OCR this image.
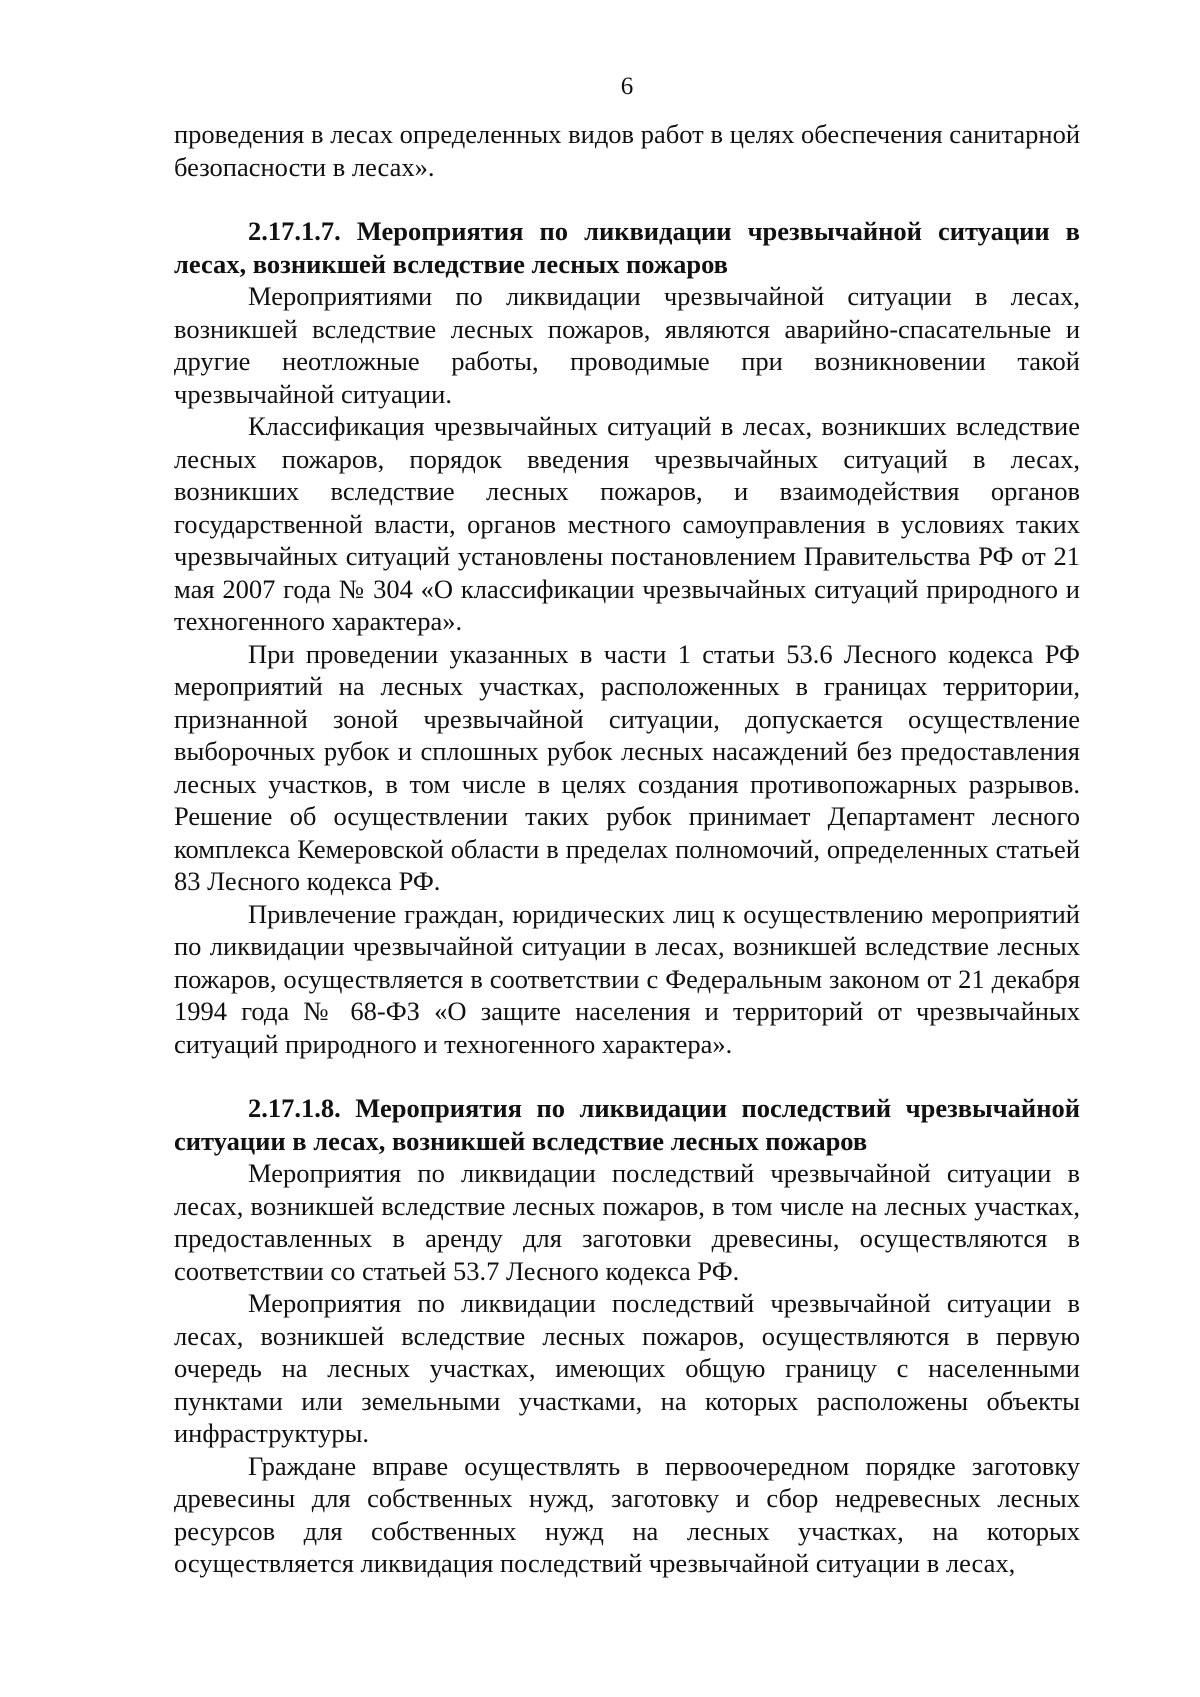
6

проведения в лесах определенных видов работ в целях обеспечения санитарной безопасности в лесах».

2.17.1.7. Мероприятия по ликвидации чрезвычайной ситуации в лесах, возникшей вследствие лесных пожаров

Мероприятиями по ликвидации чрезвычайной ситуации в лесах, возникшей вследствие лесных пожаров, являются аварийно-спасательные и другие неотложные работы, проводимые при возникновении такой чрезвычайной ситуации.

Классификация чрезвычайных ситуаций в лесах, возникших вследствие лесных пожаров, порядок введения чрезвычайных ситуаций в лесах, возникших вследствие лесных пожаров, и взаимодействия органов государственной власти, органов местного самоуправления в условиях таких чрезвычайных ситуаций установлены постановлением Правительства РФ от 21 мая 2007 года № 304 «О классификации чрезвычайных ситуаций природного и техногенного характера».

При проведении указанных в части 1 статьи 53.6 Лесного кодекса РФ мероприятий на лесных участках, расположенных в границах территории, признанной зоной чрезвычайной ситуации, допускается осуществление выборочных рубок и сплошных рубок лесных насаждений без предоставления лесных участков, в том числе в целях создания противопожарных разрывов. Решение об осуществлении таких рубок принимает Департамент лесного комплекса Кемеровской области в пределах полномочий, определенных статьей 83 Лесного кодекса РФ.

Привлечение граждан, юридических лиц к осуществлению мероприятий по ликвидации чрезвычайной ситуации в лесах, возникшей вследствие лесных пожаров, осуществляется в соответствии с Федеральным законом от 21 декабря 1994 года № 68-ФЗ «О защите населения и территорий от чрезвычайных ситуаций природного и техногенного характера».

2.17.1.8. Мероприятия по ликвидации последствий чрезвычайной ситуации в лесах, возникшей вследствие лесных пожаров

Мероприятия по ликвидации последствий чрезвычайной ситуации в лесах, возникшей вследствие лесных пожаров, в том числе на лесных участках, предоставленных в аренду для заготовки древесины, осуществляются в соответствии со статьей 53.7 Лесного кодекса РФ.

Мероприятия по ликвидации последствий чрезвычайной ситуации в лесах, возникшей вследствие лесных пожаров, осуществляются в первую очередь на лесных участках, имеющих общую границу с населенными пунктами или земельными участками, на которых расположены объекты инфраструктуры.

Граждане вправе осуществлять в первоочередном порядке заготовку древесины для собственных нужд, заготовку и сбор недревесных лесных ресурсов для собственных нужд на лесных участках, на которых осуществляется ликвидация последствий чрезвычайной ситуации в лесах,
